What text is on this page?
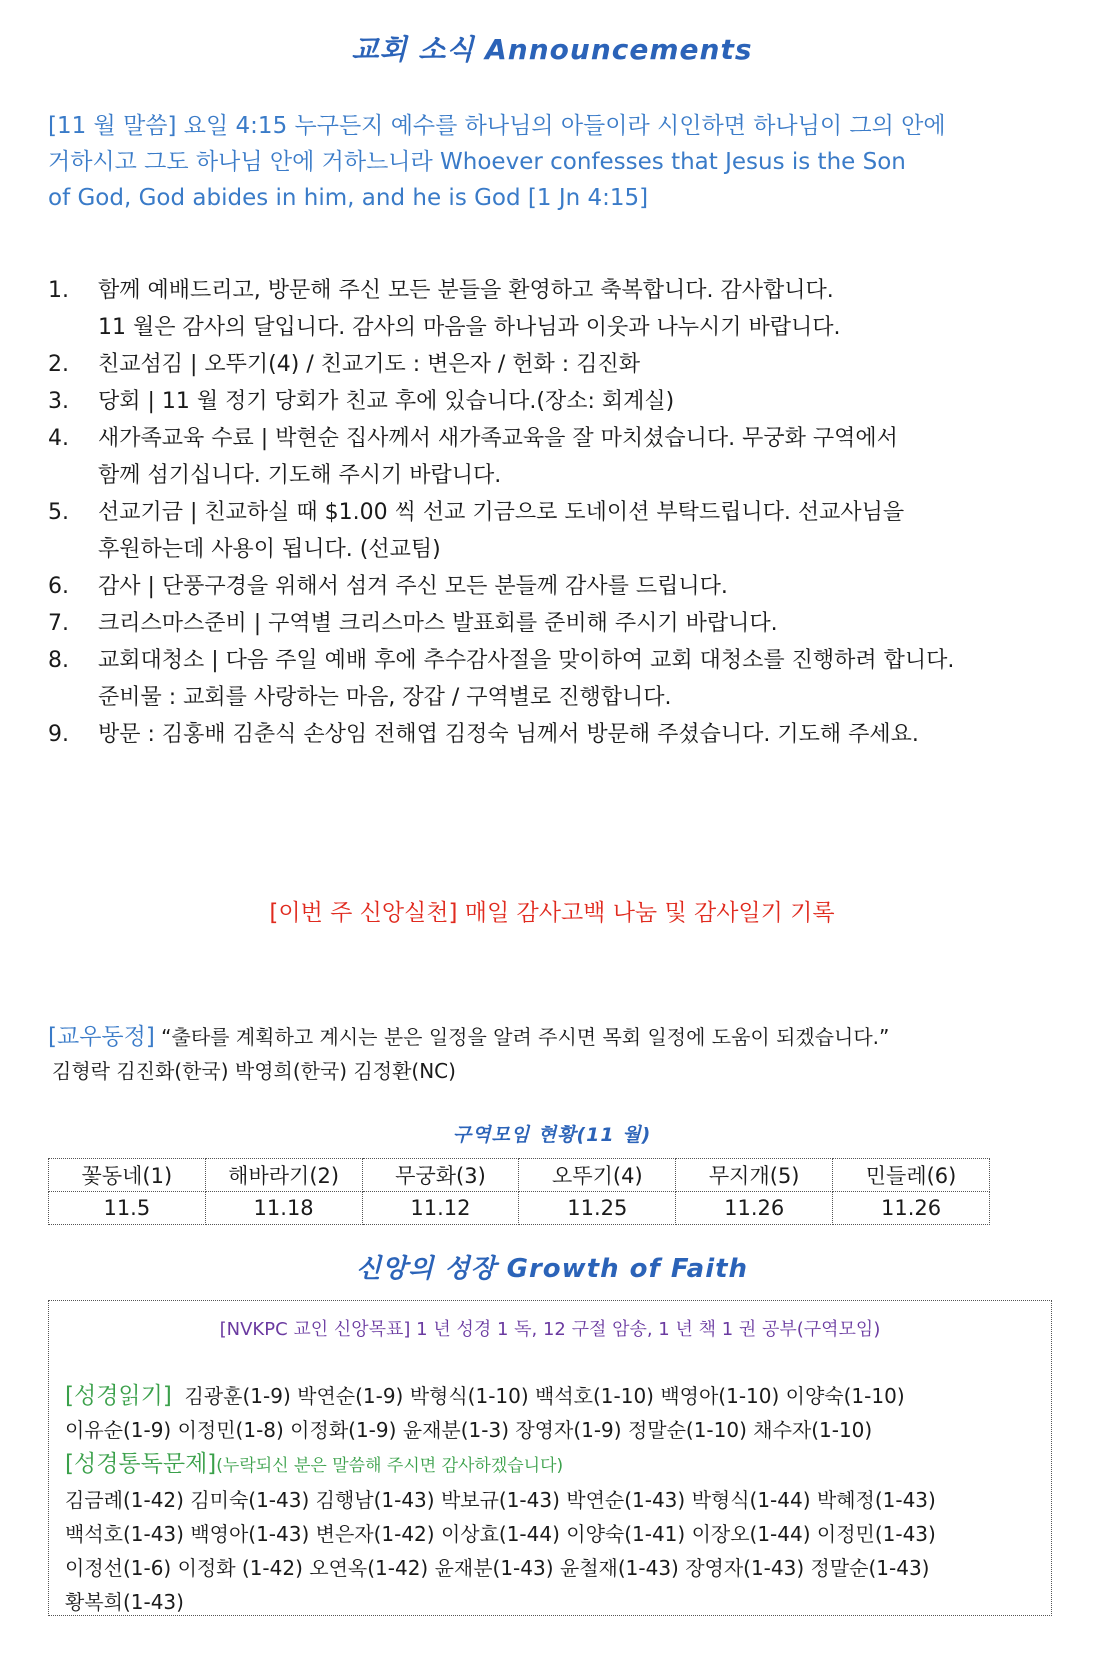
교회 소식 Announcements
[11 월 말씀] 요일 4:15 누구든지 예수를 하나님의 아들이라 시인하면 하나님이 그의 안에
거하시고 그도 하나님 안에 거하느니라 Whoever confesses that Jesus is the Son
of God, God abides in him, and he is God [1 Jn 4:15]
1.	함께 예배드리고, 방문해 주신 모든 분들을 환영하고 축복합니다. 감사합니다.
11 월은 감사의 달입니다. 감사의 마음을 하나님과 이웃과 나누시기 바랍니다.
2.	친교섬김 | 오뚜기(4) / 친교기도 : 변은자 / 헌화 : 김진화
3.	당회 | 11 월 정기 당회가 친교 후에 있습니다.(장소: 회계실)
4.	새가족교육 수료 | 박현순 집사께서 새가족교육을 잘 마치셨습니다. 무궁화 구역에서
함께 섬기십니다. 기도해 주시기 바랍니다.
5.	선교기금 | 친교하실 때 $1.00 씩 선교 기금으로 도네이션 부탁드립니다. 선교사님을
후원하는데 사용이 됩니다. (선교팀)
6.	감사 | 단풍구경을 위해서 섬겨 주신 모든 분들께 감사를 드립니다.
7.	크리스마스준비 | 구역별 크리스마스 발표회를 준비해 주시기 바랍니다.
8.	교회대청소 | 다음 주일 예배 후에 추수감사절을 맞이하여 교회 대청소를 진행하려 합니다.
준비물 : 교회를 사랑하는 마음, 장갑 / 구역별로 진행합니다.
9.	방문 : 김홍배 김춘식 손상임 전해엽 김정숙 님께서 방문해 주셨습니다. 기도해 주세요.
[이번 주 신앙실천] 매일 감사고백 나눔 및 감사일기 기록
[교우동정] “출타를 계획하고 계시는 분은 일정을 알려 주시면 목회 일정에 도움이 되겠습니다.”
김형락 김진화(한국) 박영희(한국) 김정환(NC)
구역모임 현황(11 월)
꽃동네(1)	해바라기(2)	무궁화(3)	오뚜기(4)	무지개(5)	민들레(6)
11.5	11.18	11.12	11.25	11.26	11.26
신앙의 성장 Growth of Faith
[NVKPC 교인 신앙목표] 1 년 성경 1 독, 12 구절 암송, 1 년 책 1 권 공부(구역모임)
[성경읽기]  김광훈(1-9) 박연순(1-9) 박형식(1-10) 백석호(1-10) 백영아(1-10) 이양숙(1-10)
이유순(1-9) 이정민(1-8) 이정화(1-9) 윤재분(1-3) 장영자(1-9) 정말순(1-10) 채수자(1-10)
[성경통독문제](누락되신 분은 말씀해 주시면 감사하겠습니다)
김금례(1-42) 김미숙(1-43) 김행남(1-43) 박보규(1-43) 박연순(1-43) 박형식(1-44) 박혜정(1-43)
백석호(1-43) 백영아(1-43) 변은자(1-42) 이상효(1-44) 이양숙(1-41) 이장오(1-44) 이정민(1-43)
이정선(1-6) 이정화 (1-42) 오연옥(1-42) 윤재분(1-43) 윤철재(1-43) 장영자(1-43) 정말순(1-43)
황복희(1-43)
